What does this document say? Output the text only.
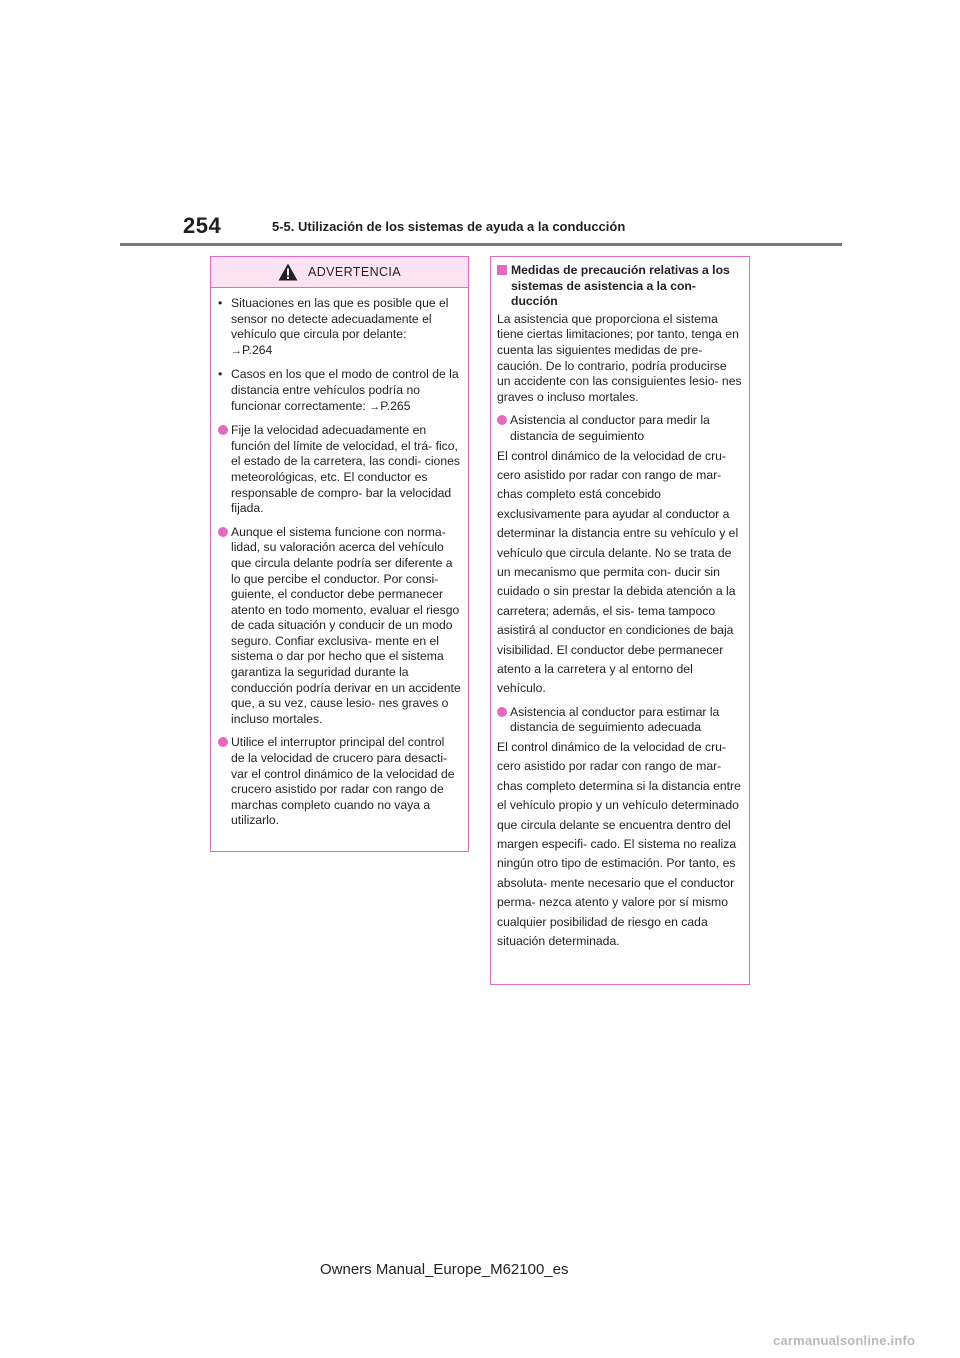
254	5-5. Utilización de los sistemas de ayuda a la conducción
ADVERTENCIA
• Situaciones en las que es posible que el sensor no detecte adecuadamente el vehículo que circula por delante:
→P.264
• Casos en los que el modo de control de la distancia entre vehículos podría no funcionar correctamente: →P.265
Fije la velocidad adecuadamente en función del límite de velocidad, el trá- fico, el estado de la carretera, las condi- ciones meteorológicas, etc. El conductor es responsable de compro- bar la velocidad fijada.
Aunque el sistema funcione con norma- lidad, su valoración acerca del vehículo que circula delante podría ser diferente a lo que percibe el conductor. Por consi- guiente, el conductor debe permanecer atento en todo momento, evaluar el riesgo de cada situación y conducir de un modo seguro. Confiar exclusiva- mente en el sistema o dar por hecho que el sistema garantiza la seguridad durante la conducción podría derivar en un accidente que, a su vez, cause lesio- nes graves o incluso mortales.
Utilice el interruptor principal del control de la velocidad de crucero para desacti- var el control dinámico de la velocidad de crucero asistido por radar con rango de marchas completo cuando no vaya a utilizarlo.
Medidas de precaución relativas a los sistemas de asistencia a la con- ducción
La asistencia que proporciona el sistema tiene ciertas limitaciones; por tanto, tenga en cuenta las siguientes medidas de pre- caución. De lo contrario, podría producirse un accidente con las consiguientes lesio- nes graves o incluso mortales.
Asistencia al conductor para medir la distancia de seguimiento
El control dinámico de la velocidad de cru- cero asistido por radar con rango de mar- chas completo está concebido exclusivamente para ayudar al conductor a determinar la distancia entre su vehículo y el vehículo que circula delante. No se trata de un mecanismo que permita con- ducir sin cuidado o sin prestar la debida atención a la carretera; además, el sis- tema tampoco asistirá al conductor en condiciones de baja visibilidad. El conductor debe permanecer atento a la carretera y al entorno del vehículo.
Asistencia al conductor para estimar la distancia de seguimiento adecuada
El control dinámico de la velocidad de cru- cero asistido por radar con rango de mar- chas completo determina si la distancia entre el vehículo propio y un vehículo determinado que circula delante se encuentra dentro del margen especifi- cado. El sistema no realiza ningún otro tipo de estimación. Por tanto, es absoluta- mente necesario que el conductor perma- nezca atento y valore por sí mismo cualquier posibilidad de riesgo en cada situación determinada.
Owners Manual_Europe_M62100_es
carmanualsonline.info
